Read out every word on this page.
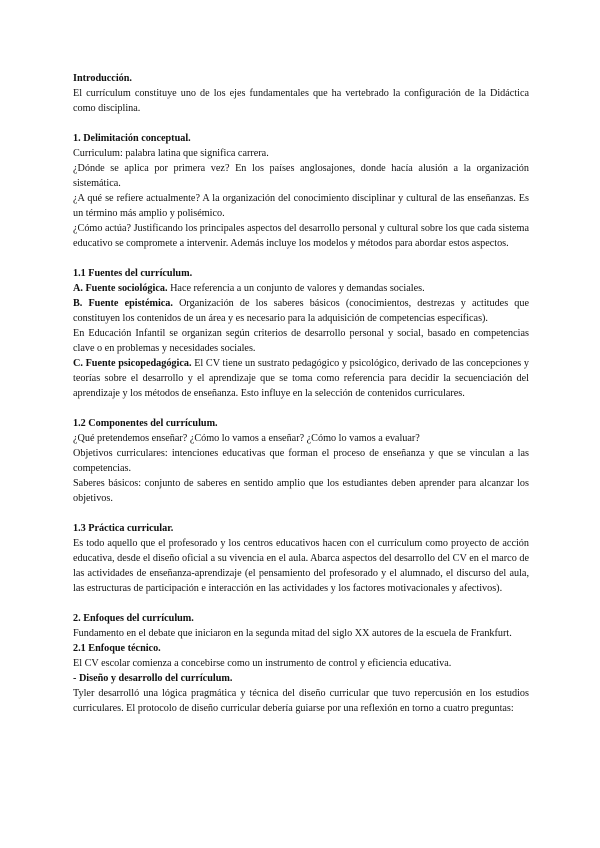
Introducción.

El currículum constituye uno de los ejes fundamentales que ha vertebrado la configuración de la Didáctica como disciplina.

1. Delimitación conceptual.

Curriculum: palabra latina que significa carrera.

¿Dónde se aplica por primera vez? En los países anglosajones, donde hacía alusión a la organización sistemática.

¿A qué se refiere actualmente? A la organización del conocimiento disciplinar y cultural de las enseñanzas. Es un término más amplio y polisémico.

¿Cómo actúa? Justificando los principales aspectos del desarrollo personal y cultural sobre los que cada sistema educativo se compromete a intervenir. Además incluye los modelos y métodos para abordar estos aspectos.

1.1 Fuentes del currículum.

A. Fuente sociológica. Hace referencia a un conjunto de valores y demandas sociales.

B. Fuente epistémica. Organización de los saberes básicos (conocimientos, destrezas y actitudes que constituyen los contenidos de un área y es necesario para la adquisición de competencias específicas).

En Educación Infantil se organizan según criterios de desarrollo personal y social, basado en competencias clave o en problemas y necesidades sociales.

C. Fuente psicopedagógica. El CV tiene un sustrato pedagógico y psicológico, derivado de las concepciones y teorías sobre el desarrollo y el aprendizaje que se toma como referencia para decidir la secuenciación del aprendizaje y los métodos de enseñanza. Esto influye en la selección de contenidos curriculares.

1.2 Componentes del currículum.

¿Qué pretendemos enseñar? ¿Cómo lo vamos a enseñar? ¿Cómo lo vamos a evaluar?

Objetivos curriculares: intenciones educativas que forman el proceso de enseñanza y que se vinculan a las competencias.

Saberes básicos: conjunto de saberes en sentido amplio que los estudiantes deben aprender para alcanzar los objetivos.

1.3 Práctica curricular.

Es todo aquello que el profesorado y los centros educativos hacen con el currículum como proyecto de acción educativa, desde el diseño oficial a su vivencia en el aula. Abarca aspectos del desarrollo del CV en el marco de las actividades de enseñanza-aprendizaje (el pensamiento del profesorado y el alumnado, el discurso del aula, las estructuras de participación e interacción en las actividades y los factores motivacionales y afectivos).

2. Enfoques del currículum.

Fundamento en el debate que iniciaron en la segunda mitad del siglo XX autores de la escuela de Frankfurt.

2.1 Enfoque técnico.

El CV escolar comienza a concebirse como un instrumento de control y eficiencia educativa.

- Diseño y desarrollo del currículum.

Tyler desarrolló una lógica pragmática y técnica del diseño curricular que tuvo repercusión en los estudios curriculares. El protocolo de diseño curricular debería guiarse por una reflexión en torno a cuatro preguntas:
